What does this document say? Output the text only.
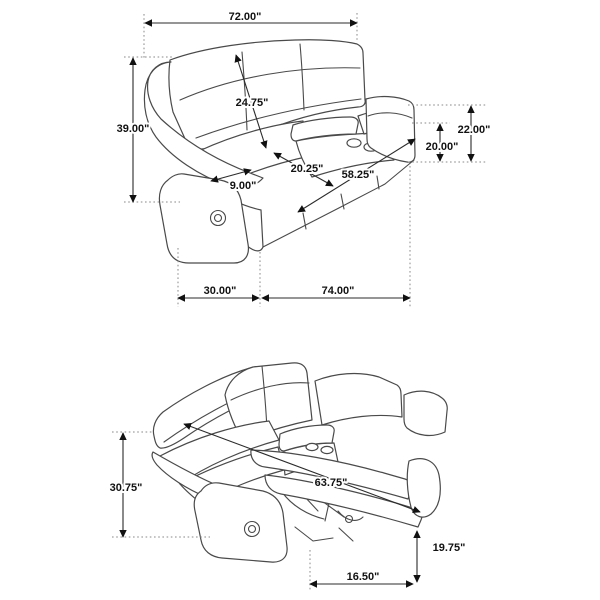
72.00"
39.00"
24.75"
20.25" 58.25"
9.00"
22.00"
20.00"
30.00"	74.00"
30.75"	63.75"
19.75"
16.50"
